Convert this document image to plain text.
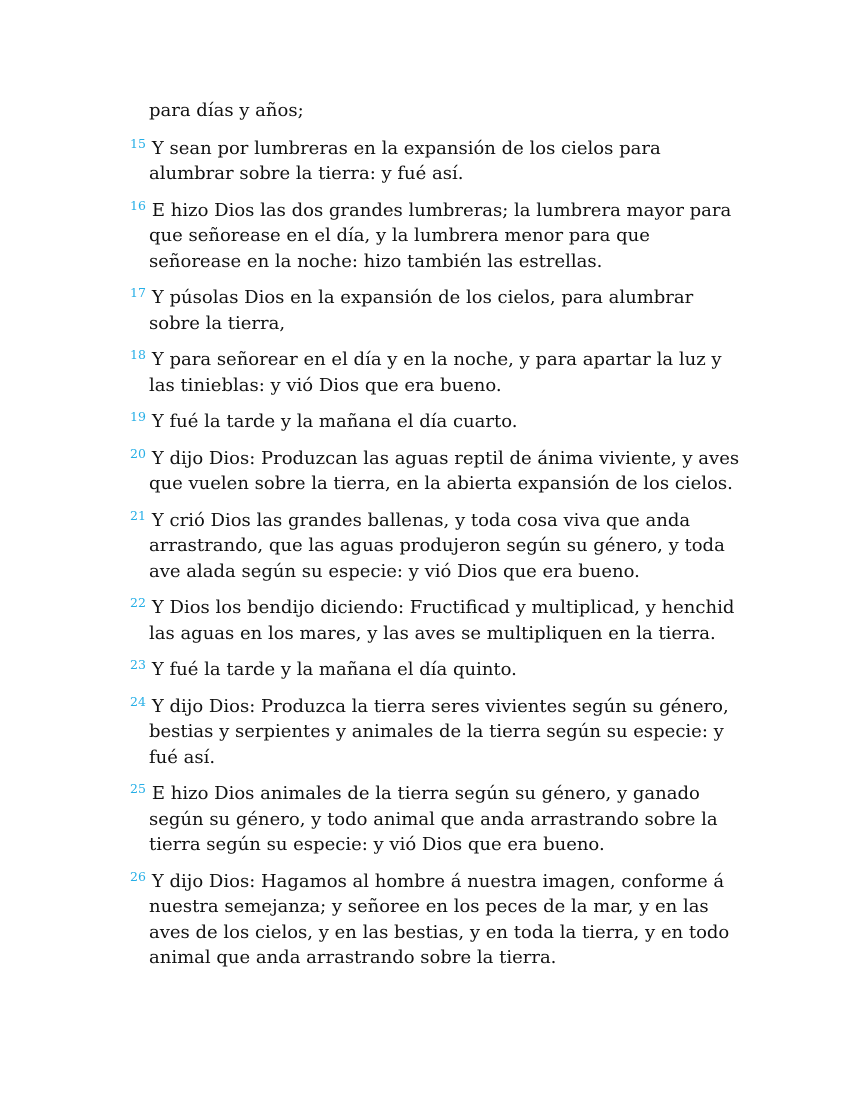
para días y años;

$^{15}$ Y sean por lumbreras en la expansión de los cielos para alumbrar sobre la tierra: y fué así.

$^{16}$ E hizo Dios las dos grandes lumbreras; la lumbrera mayor para que señorease en el día, y la lumbrera menor para que señorease en la noche: hizo también las estrellas.

$^{17}$ Y púsolas Dios en la expansión de los cielos, para alumbrar sobre la tierra,

$^{18}$ Y para señorear en el día y en la noche, y para apartar la luz y las tinieblas: y vió Dios que era bueno.

$^{19}$ Y fué la tarde y la mañana el día cuarto.

$^{20}$ Y dijo Dios: Produzcan las aguas reptil de ánima viviente, y aves que vuelen sobre la tierra, en la abierta expansión de los cielos.

$^{21}$ Y crió Dios las grandes ballenas, y toda cosa viva que anda arrastrando, que las aguas produjeron según su género, y toda ave alada según su especie: y vió Dios que era bueno.

$^{22}$ Y Dios los bendijo diciendo: Fructificad y multiplicad, y henchid las aguas en los mares, y las aves se multipliquen en la tierra.

$^{23}$ Y fué la tarde y la mañana el día quinto.

$^{24}$ Y dijo Dios: Produzca la tierra seres vivientes según su género, bestias y serpientes y animales de la tierra según su especie: y fué así.

$^{25}$ E hizo Dios animales de la tierra según su género, y ganado según su género, y todo animal que anda arrastrando sobre la tierra según su especie: y vió Dios que era bueno.

$^{26}$ Y dijo Dios: Hagamos al hombre á nuestra imagen, conforme á nuestra semejanza; y señoree en los peces de la mar, y en las aves de los cielos, y en las bestias, y en toda la tierra, y en todo animal que anda arrastrando sobre la tierra.
